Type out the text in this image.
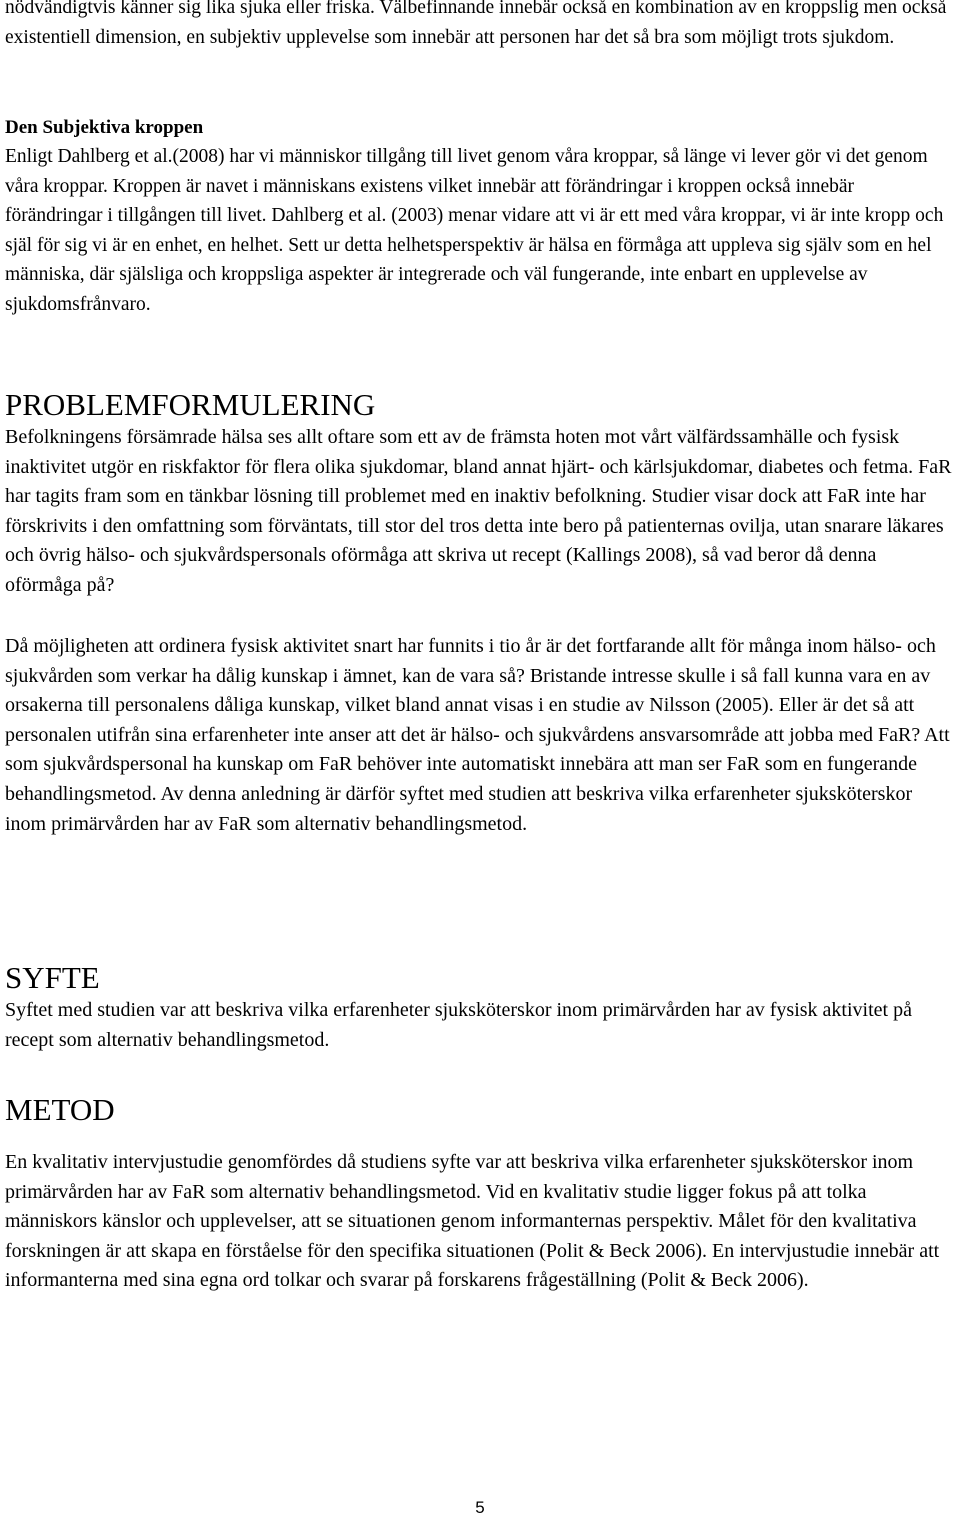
nödvändigtvis känner sig lika sjuka eller friska. Välbefinnande innebär också en kombination av en kroppslig men också existentiell dimension, en subjektiv upplevelse som innebär att personen har det så bra som möjligt trots sjukdom.

Den Subjektiva kroppen

Enligt Dahlberg et al.(2008) har vi människor tillgång till livet genom våra kroppar, så länge vi lever gör vi det genom våra kroppar. Kroppen är navet i människans existens vilket innebär att förändringar i kroppen också innebär förändringar i tillgången till livet. Dahlberg et al. (2003) menar vidare att vi är ett med våra kroppar, vi är inte kropp och själ för sig vi är en enhet, en helhet. Sett ur detta helhetsperspektiv är hälsa en förmåga att uppleva sig själv som en hel människa, där själsliga och kroppsliga aspekter är integrerade och väl fungerande, inte enbart en upplevelse av sjukdomsfrånvaro.

PROBLEMFORMULERING

Befolkningens försämrade hälsa ses allt oftare som ett av de främsta hoten mot vårt välfärdssamhälle och fysisk inaktivitet utgör en riskfaktor för flera olika sjukdomar, bland annat hjärt- och kärlsjukdomar, diabetes och fetma. FaR har tagits fram som en tänkbar lösning till problemet med en inaktiv befolkning. Studier visar dock att FaR inte har förskrivits i den omfattning som förväntats, till stor del tros detta inte bero på patienternas ovilja, utan snarare läkares och övrig hälso- och sjukvårdspersonals oförmåga att skriva ut recept (Kallings 2008), så vad beror då denna oförmåga på?

Då möjligheten att ordinera fysisk aktivitet snart har funnits i tio år är det fortfarande allt för många inom hälso- och sjukvården som verkar ha dålig kunskap i ämnet, kan de vara så? Bristande intresse skulle i så fall kunna vara en av orsakerna till personalens dåliga kunskap, vilket bland annat visas i en studie av Nilsson (2005). Eller är det så att personalen utifrån sina erfarenheter inte anser att det är hälso- och sjukvårdens ansvarsområde att jobba med FaR? Att som sjukvårdspersonal ha kunskap om FaR behöver inte automatiskt innebära att man ser FaR som en fungerande behandlingsmetod. Av denna anledning är därför syftet med studien att beskriva vilka erfarenheter sjuksköterskor inom primärvården har av FaR som alternativ behandlingsmetod.

SYFTE

Syftet med studien var att beskriva vilka erfarenheter sjuksköterskor inom primärvården har av fysisk aktivitet på recept som alternativ behandlingsmetod.

METOD

En kvalitativ intervjustudie genomfördes då studiens syfte var att beskriva vilka erfarenheter sjuksköterskor inom primärvården har av FaR som alternativ behandlingsmetod. Vid en kvalitativ studie ligger fokus på att tolka människors känslor och upplevelser, att se situationen genom informanternas perspektiv. Målet för den kvalitativa forskningen är att skapa en förståelse för den specifika situationen (Polit & Beck 2006). En intervjustudie innebär att informanterna med sina egna ord tolkar och svarar på forskarens frågeställning (Polit & Beck 2006).

5
